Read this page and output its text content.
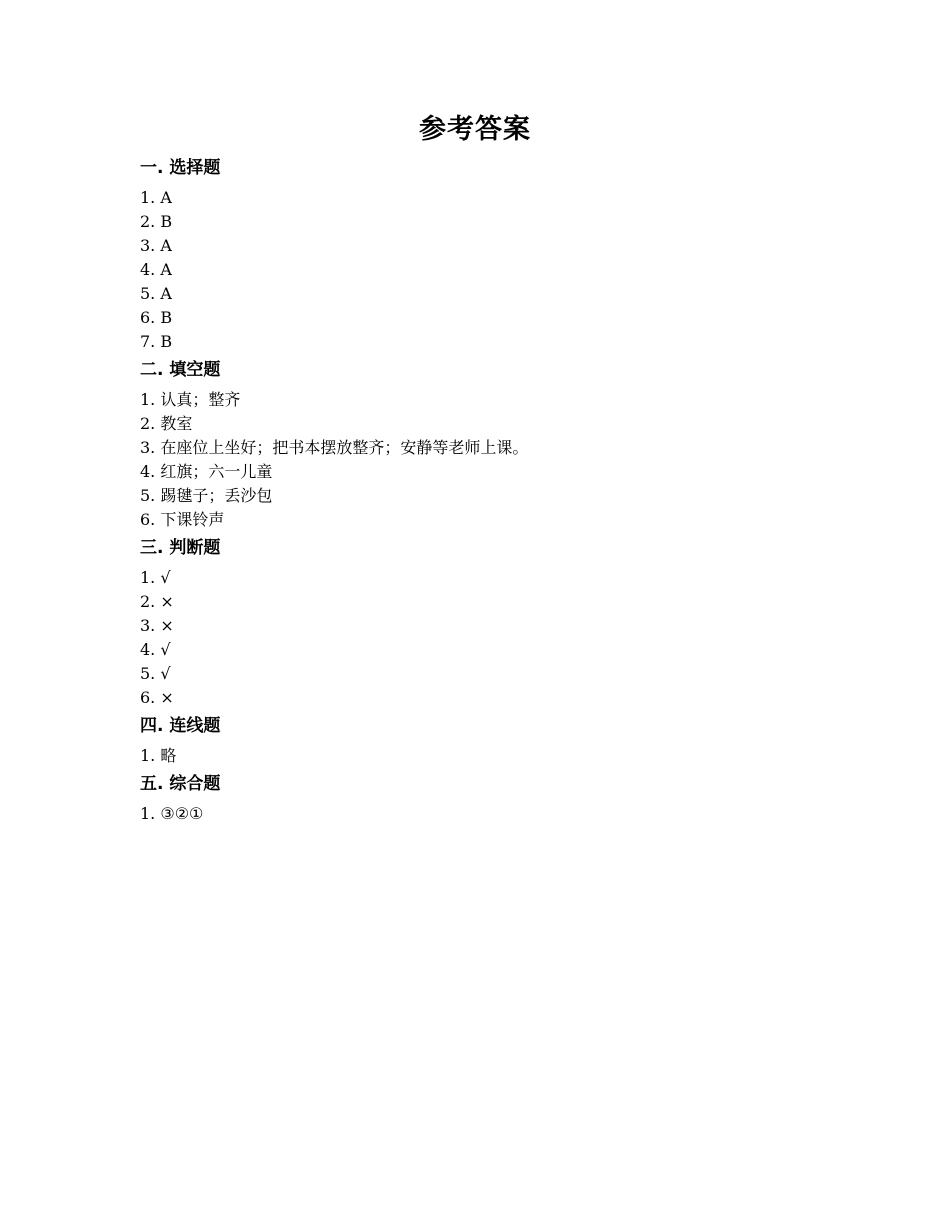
参考答案
一. 选择题
1. A
2. B
3. A
4. A
5. A
6. B
7. B
二. 填空题
1. 认真；整齐
2. 教室
3. 在座位上坐好；把书本摆放整齐；安静等老师上课。
4. 红旗；六一儿童
5. 踢毽子；丢沙包
6. 下课铃声
三. 判断题
1. √
2. ×
3. ×
4. √
5. √
6. ×
四. 连线题
1. 略
五. 综合题
1. ③②①
